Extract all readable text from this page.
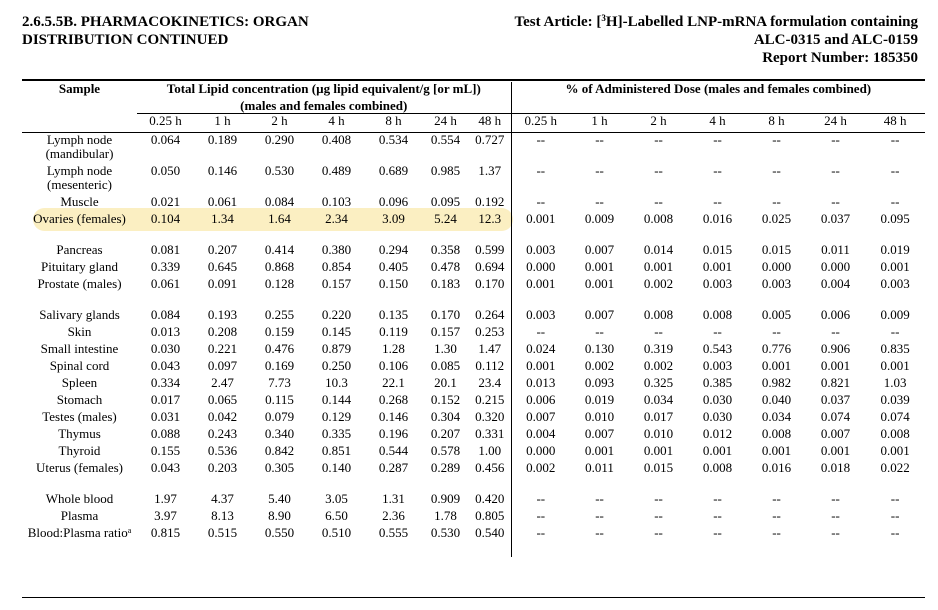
2.6.5.5B. PHARMACOKINETICS: ORGAN
DISTRIBUTION CONTINUED
Test Article: [$^3$H]-Labelled LNP-mRNA formulation containing
ALC-0315 and ALC-0159
Report Number: 185350
Sample	Total Lipid concentration (µg lipid equivalent/g [or mL])							% of Administered Dose (males and females combined)						
	(males and females combined)													
	0.25 h	1 h	2 h	4 h	8 h	24 h	48 h	0.25 h	1 h	2 h	4 h	8 h	24 h	48 h
Lymph node (mandibular)	0.064	0.189	0.290	0.408	0.534	0.554	0.727	--	--	--	--	--	--	--
Lymph node (mesenteric)	0.050	0.146	0.530	0.489	0.689	0.985	1.37	--	--	--	--	--	--	--
Muscle	0.021	0.061	0.084	0.103	0.096	0.095	0.192	--	--	--	--	--	--	--
Ovaries (females)	0.104	1.34	1.64	2.34	3.09	5.24	12.3	0.001	0.009	0.008	0.016	0.025	0.037	0.095
Pancreas	0.081	0.207	0.414	0.380	0.294	0.358	0.599	0.003	0.007	0.014	0.015	0.015	0.011	0.019
Pituitary gland	0.339	0.645	0.868	0.854	0.405	0.478	0.694	0.000	0.001	0.001	0.001	0.000	0.000	0.001
Prostate (males)	0.061	0.091	0.128	0.157	0.150	0.183	0.170	0.001	0.001	0.002	0.003	0.003	0.004	0.003
Salivary glands	0.084	0.193	0.255	0.220	0.135	0.170	0.264	0.003	0.007	0.008	0.008	0.005	0.006	0.009
Skin	0.013	0.208	0.159	0.145	0.119	0.157	0.253	--	--	--	--	--	--	--
Small intestine	0.030	0.221	0.476	0.879	1.28	1.30	1.47	0.024	0.130	0.319	0.543	0.776	0.906	0.835
Spinal cord	0.043	0.097	0.169	0.250	0.106	0.085	0.112	0.001	0.002	0.002	0.003	0.001	0.001	0.001
Spleen	0.334	2.47	7.73	10.3	22.1	20.1	23.4	0.013	0.093	0.325	0.385	0.982	0.821	1.03
Stomach	0.017	0.065	0.115	0.144	0.268	0.152	0.215	0.006	0.019	0.034	0.030	0.040	0.037	0.039
Testes (males)	0.031	0.042	0.079	0.129	0.146	0.304	0.320	0.007	0.010	0.017	0.030	0.034	0.074	0.074
Thymus	0.088	0.243	0.340	0.335	0.196	0.207	0.331	0.004	0.007	0.010	0.012	0.008	0.007	0.008
Thyroid	0.155	0.536	0.842	0.851	0.544	0.578	1.00	0.000	0.001	0.001	0.001	0.001	0.001	0.001
Uterus (females)	0.043	0.203	0.305	0.140	0.287	0.289	0.456	0.002	0.011	0.015	0.008	0.016	0.018	0.022
Whole blood	1.97	4.37	5.40	3.05	1.31	0.909	0.420	--	--	--	--	--	--	--
Plasma	3.97	8.13	8.90	6.50	2.36	1.78	0.805	--	--	--	--	--	--	--
Blood:Plasma ratio$^a$	0.815	0.515	0.550	0.510	0.555	0.530	0.540	--	--	--	--	--	--	--
